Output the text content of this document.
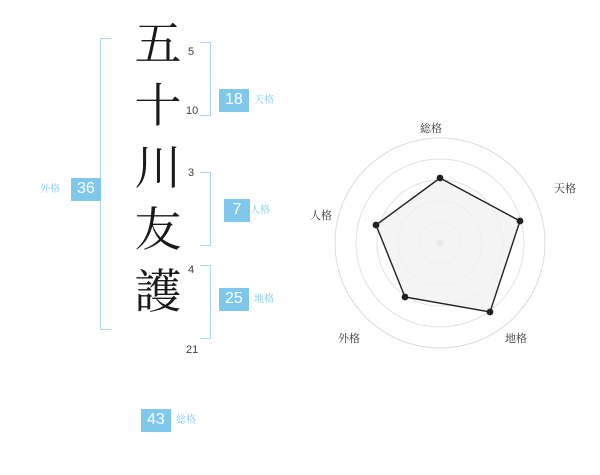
五
十
川
友
護
5
10
3
4
21
18	天格
7 人格
25	地格
36
外格
43	総格
総格
天格
地格
外格
人格
